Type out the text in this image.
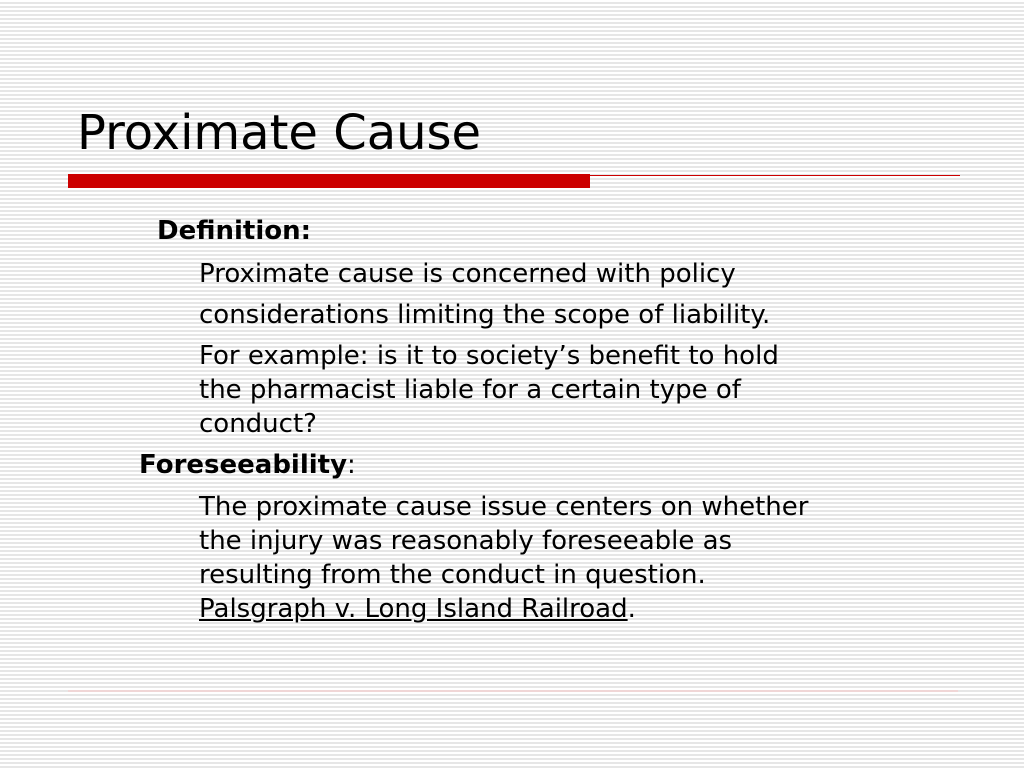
Proximate Cause
Definition:
Proximate cause is concerned with policy
considerations limiting the scope of liability.
For example: is it to society’s benefit to hold
the pharmacist liable for a certain type of
conduct?
Foreseeability:
The proximate cause issue centers on whether
the injury was reasonably foreseeable as
resulting from the conduct in question.
Palsgraph v. Long Island Railroad.
